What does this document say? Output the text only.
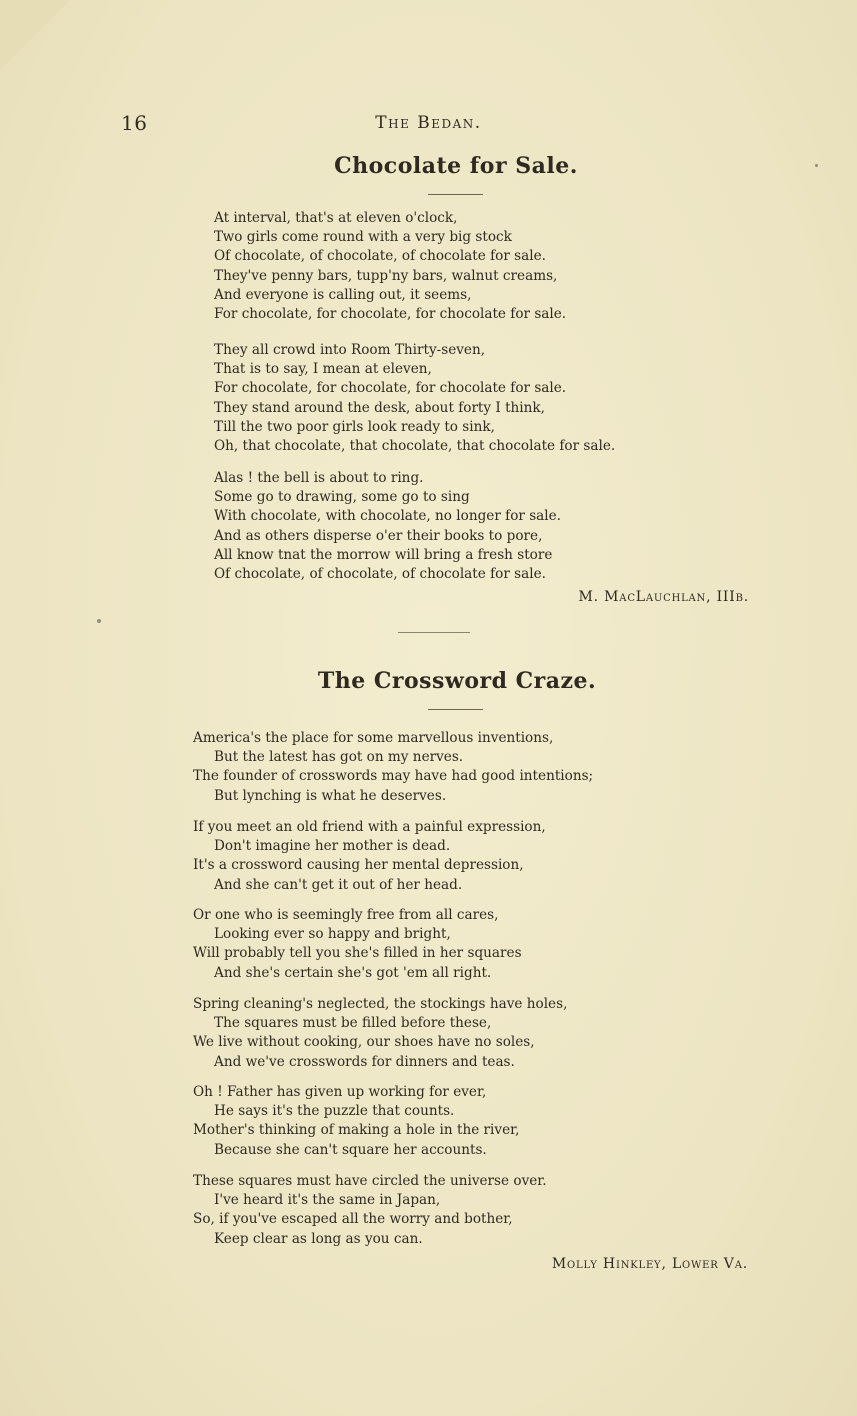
16	The Bedan.
Chocolate for Sale.
At interval, that's at eleven o'clock,
Two girls come round with a very big stock
Of chocolate, of chocolate, of chocolate for sale.
They've penny bars, tupp'ny bars, walnut creams,
And everyone is calling out, it seems,
For chocolate, for chocolate, for chocolate for sale.
They all crowd into Room Thirty-seven,
That is to say, I mean at eleven,
For chocolate, for chocolate, for chocolate for sale.
They stand around the desk, about forty I think,
Till the two poor girls look ready to sink,
Oh, that chocolate, that chocolate, that chocolate for sale.
Alas ! the bell is about to ring.
Some go to drawing, some go to sing
With chocolate, with chocolate, no longer for sale.
And as others disperse o'er their books to pore,
All know tnat the morrow will bring a fresh store
Of chocolate, of chocolate, of chocolate for sale.
M. MacLauchlan, IIIb.
The Crossword Craze.
America's the place for some marvellous inventions,
But the latest has got on my nerves.
The founder of crosswords may have had good intentions;
But lynching is what he deserves.
If you meet an old friend with a painful expression,
Don't imagine her mother is dead.
It's a crossword causing her mental depression,
And she can't get it out of her head.
Or one who is seemingly free from all cares,
Looking ever so happy and bright,
Will probably tell you she's filled in her squares
And she's certain she's got 'em all right.
Spring cleaning's neglected, the stockings have holes,
The squares must be filled before these,
We live without cooking, our shoes have no soles,
And we've crosswords for dinners and teas.
Oh ! Father has given up working for ever,
He says it's the puzzle that counts.
Mother's thinking of making a hole in the river,
Because she can't square her accounts.
These squares must have circled the universe over.
I've heard it's the same in Japan,
So, if you've escaped all the worry and bother,
Keep clear as long as you can.
Molly Hinkley, Lower Va.
